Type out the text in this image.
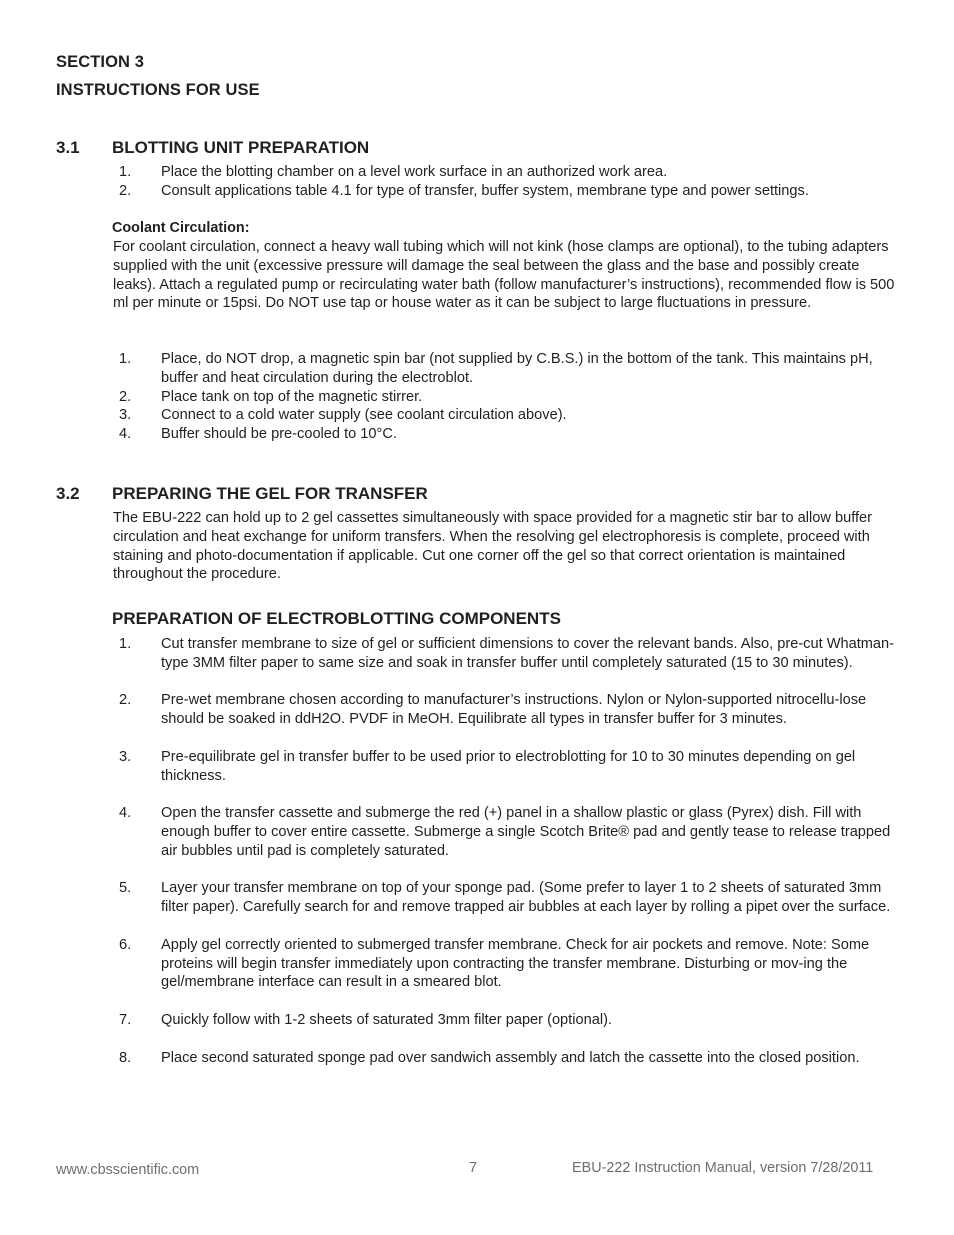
SECTION 3
INSTRUCTIONS FOR USE
3.1 BLOTTING UNIT PREPARATION
1. Place the blotting chamber on a level work surface in an authorized work area.
2. Consult applications table 4.1 for type of transfer, buffer system, membrane type and power settings.
Coolant Circulation:

For coolant circulation, connect a heavy wall tubing which will not kink (hose clamps are optional), to the tubing adapters supplied with the unit (excessive pressure will damage the seal between the glass and the base and possibly create leaks). Attach a regulated pump or recirculating water bath (follow manufacturer’s instructions), recommended flow is 500 ml per minute or 15psi. Do NOT use tap or house water as it can be subject to large fluctuations in pressure.

1. Place, do NOT drop, a magnetic spin bar (not supplied by C.B.S.) in the bottom of the tank. This maintains pH, buffer and heat circulation during the electroblot.
2. Place tank on top of the magnetic stirrer.
3. Connect to a cold water supply (see coolant circulation above).
4. Buffer should be pre-cooled to 10°C.
3.2 PREPARING THE GEL FOR TRANSFER

The EBU-222 can hold up to 2 gel cassettes simultaneously with space provided for a magnetic stir bar to allow buffer circulation and heat exchange for uniform transfers. When the resolving gel electrophoresis is complete, proceed with staining and photo-documentation if applicable. Cut one corner off the gel so that correct orientation is maintained throughout the procedure.

PREPARATION OF ELECTROBLOTTING COMPONENTS
1. Cut transfer membrane to size of gel or sufficient dimensions to cover the relevant bands. Also, pre-cut Whatman-type 3MM filter paper to same size and soak in transfer buffer until completely saturated (15 to 30 minutes).
2. Pre-wet membrane chosen according to manufacturer’s instructions. Nylon or Nylon-supported nitrocellu-lose should be soaked in ddH2O. PVDF in MeOH. Equilibrate all types in transfer buffer for 3 minutes.
3. Pre-equilibrate gel in transfer buffer to be used prior to electroblotting for 10 to 30 minutes depending on gel thickness.
4. Open the transfer cassette and submerge the red (+) panel in a shallow plastic or glass (Pyrex) dish. Fill with enough buffer to cover entire cassette. Submerge a single Scotch Brite® pad and gently tease to release trapped air bubbles until pad is completely saturated.
5. Layer your transfer membrane on top of your sponge pad. (Some prefer to layer 1 to 2 sheets of saturated 3mm filter paper). Carefully search for and remove trapped air bubbles at each layer by rolling a pipet over the surface.
6. Apply gel correctly oriented to submerged transfer membrane. Check for air pockets and remove. Note: Some proteins will begin transfer immediately upon contracting the transfer membrane. Disturbing or mov-ing the gel/membrane interface can result in a smeared blot.
7. Quickly follow with 1-2 sheets of saturated 3mm filter paper (optional).
8. Place second saturated sponge pad over sandwich assembly and latch the cassette into the closed position.
www.cbsscientific.com	7	EBU-222 Instruction Manual, version 7/28/2011
